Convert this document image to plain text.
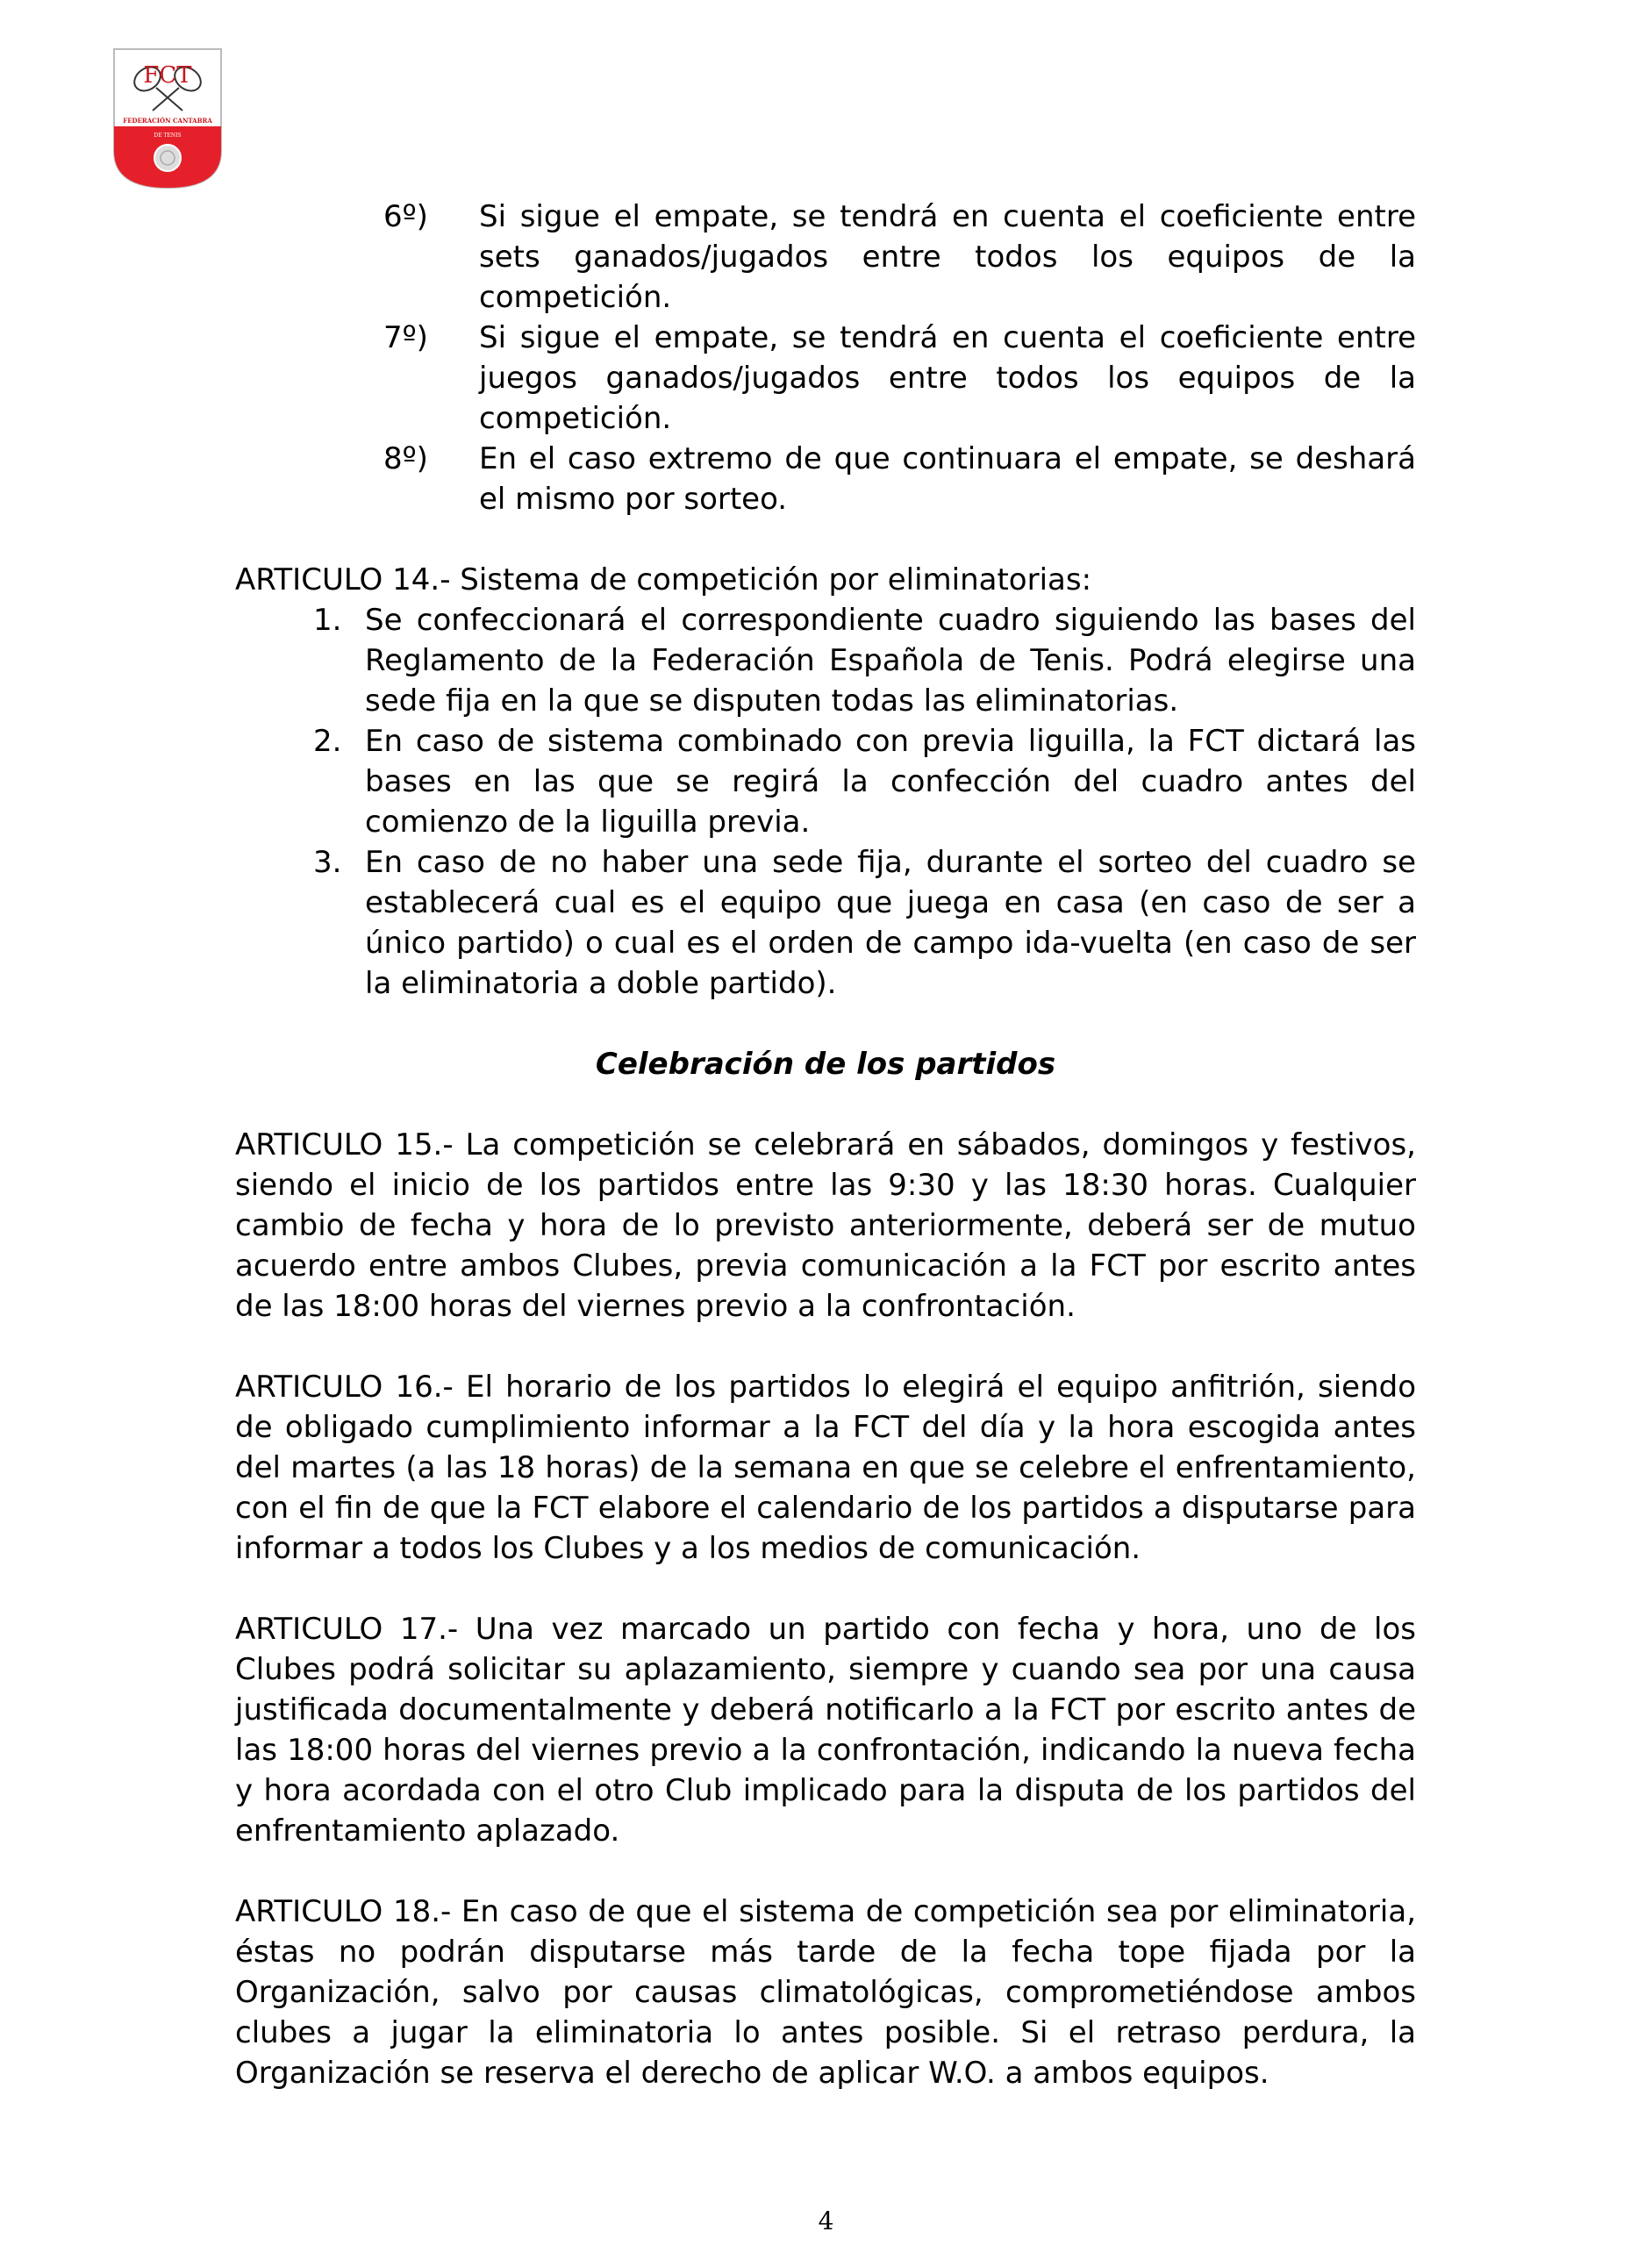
FCT
FEDERACIÓN CANTABRA
DE TENIS
6º)	Si sigue el empate, se tendrá en cuenta el coeficiente entre sets ganados/jugados entre todos los equipos de la competición.
7º)	Si sigue el empate, se tendrá en cuenta el coeficiente entre juegos ganados/jugados entre todos los equipos de la competición.
8º)	En el caso extremo de que continuara el empate, se deshará el mismo por sorteo.
ARTICULO 14.- Sistema de competición por eliminatorias:
1. Se confeccionará el correspondiente cuadro siguiendo las bases del Reglamento de la Federación Española de Tenis. Podrá elegirse una sede fija en la que se disputen todas las eliminatorias.
2. En caso de sistema combinado con previa liguilla, la FCT dictará las bases en las que se regirá la confección del cuadro antes del comienzo de la liguilla previa.
3. En caso de no haber una sede fija, durante el sorteo del cuadro se establecerá cual es el equipo que juega en casa (en caso de ser a único partido) o cual es el orden de campo ida-vuelta (en caso de ser la eliminatoria a doble partido).
Celebración de los partidos
ARTICULO 15.- La competición se celebrará en sábados, domingos y festivos, siendo el inicio de los partidos entre las 9:30 y las 18:30 horas. Cualquier cambio de fecha y hora de lo previsto anteriormente, deberá ser de mutuo acuerdo entre ambos Clubes, previa comunicación a la FCT por escrito antes de las 18:00 horas del viernes previo a la confrontación.
ARTICULO 16.- El horario de los partidos lo elegirá el equipo anfitrión, siendo de obligado cumplimiento informar a la FCT del día y la hora escogida antes del martes (a las 18 horas) de la semana en que se celebre el enfrentamiento, con el fin de que la FCT elabore el calendario de los partidos a disputarse para informar a todos los Clubes y a los medios de comunicación.
ARTICULO 17.- Una vez marcado un partido con fecha y hora, uno de los Clubes podrá solicitar su aplazamiento, siempre y cuando sea por una causa justificada documentalmente y deberá notificarlo a la FCT por escrito antes de las 18:00 horas del viernes previo a la confrontación, indicando la nueva fecha y hora acordada con el otro Club implicado para la disputa de los partidos del enfrentamiento aplazado.
ARTICULO 18.- En caso de que el sistema de competición sea por eliminatoria, éstas no podrán disputarse más tarde de la fecha tope fijada por la Organización, salvo por causas climatológicas, comprometiéndose ambos clubes a jugar la eliminatoria lo antes posible. Si el retraso perdura, la Organización se reserva el derecho de aplicar W.O. a ambos equipos.
4
